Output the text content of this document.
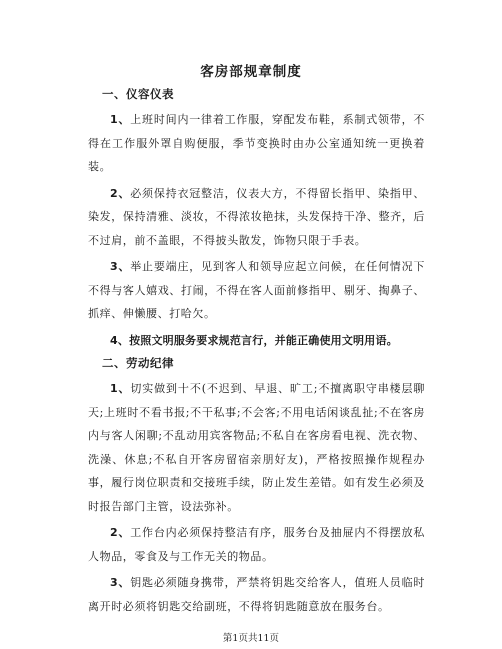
客房部规章制度
一、仪容仪表

1、上班时间内一律着工作服，穿配发布鞋，系制式领带，不得在工作服外罩自购便服，季节变换时由办公室通知统一更换着装。

2、必须保持衣冠整洁，仪表大方，不得留长指甲、染指甲、染发，保持清雅、淡妆，不得浓妆艳抹，头发保持干净、整齐，后不过肩，前不盖眼，不得披头散发，饰物只限于手表。

3、举止要端庄，见到客人和领导应起立问候，在任何情况下不得与客人嬉戏、打闹，不得在客人面前修指甲、剔牙、掏鼻子、抓痒、伸懒腰、打哈欠。

4、按照文明服务要求规范言行，并能正确使用文明用语。

二、劳动纪律

1、切实做到十不(不迟到、早退、旷工;不擅离职守串楼层聊天;上班时不看书报;不干私事;不会客;不用电话闲谈乱扯;不在客房内与客人闲聊;不乱动用宾客物品;不私自在客房看电视、洗衣物、洗澡、休息;不私自开客房留宿亲朋好友)，严格按照操作规程办事，履行岗位职责和交接班手续，防止发生差错。如有发生必须及时报告部门主管，设法弥补。

2、工作台内必须保持整洁有序，服务台及抽屉内不得摆放私人物品，零食及与工作无关的物品。

3、钥匙必须随身携带，严禁将钥匙交给客人，值班人员临时离开时必须将钥匙交给副班，不得将钥匙随意放在服务台。

第1页共11页
